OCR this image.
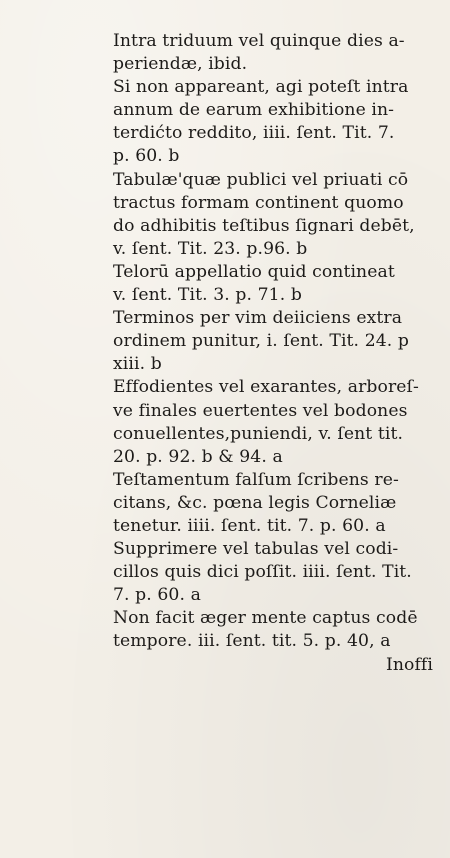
Intra triduum vel quinque dies a-
periendæ, ibid.
Si non appareant, agi poteſt intra
annum de earum exhibitione in-
terdićto reddito, iiii. ſent. Tit. 7.
p. 60. b
Tabulæ'quæ publici vel priuati cō
tractus formam continent quomo
do adhibitis teſtibus ſignari debēt,
v. ſent. Tit. 23. p.96. b
Telorū appellatio quid contineat
v. ſent. Tit. 3. p. 71. b
Terminos per vim deiiciens extra
ordinem punitur, i. ſent. Tit. 24. p
xiii. b
Effodientes vel exarantes, arboreſ-
ve finales euertentes vel bodones
conuellentes,puniendi, v. ſent tit.
20. p. 92. b & 94. a
Teſtamentum falſum ſcribens re-
citans, &c. pœna legis Corneliæ
tenetur. iiii. ſent. tit. 7. p. 60. a
Supprimere vel tabulas vel codi-
cillos quis dici poſſit. iiii. ſent. Tit.
7. p. 60. a
Non facit æger mente captus codē
tempore. iii. ſent. tit. 5. p. 40, a
Inoffi
